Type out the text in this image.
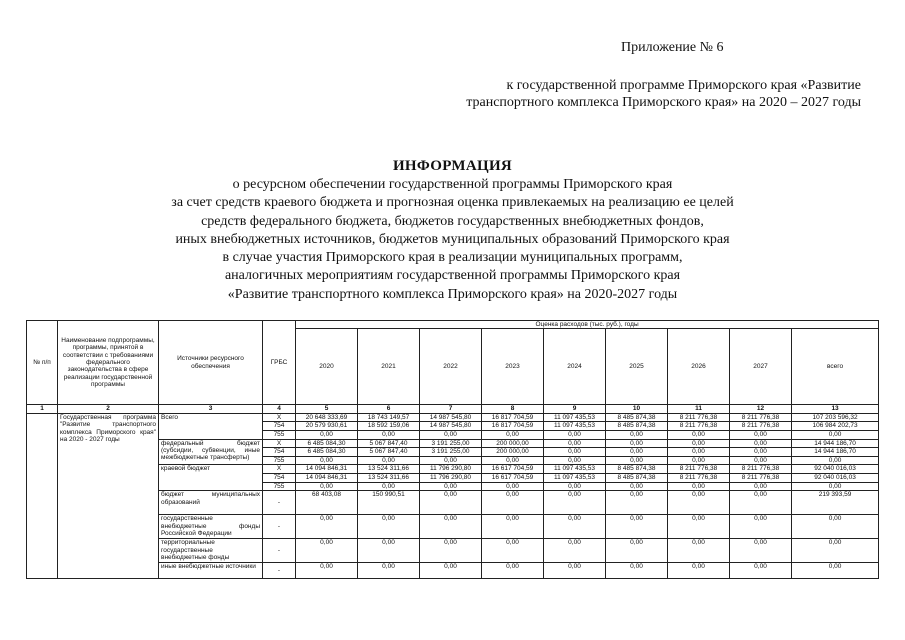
Приложение № 6
к государственной программе Приморского края «Развитие
транспортного комплекса Приморского края» на 2020 – 2027 годы
ИНФОРМАЦИЯ
о ресурсном обеспечении государственной программы Приморского края
за счет средств краевого бюджета и прогнозная оценка привлекаемых на реализацию ее целей
средств федерального бюджета, бюджетов государственных внебюджетных фондов,
иных внебюджетных источников, бюджетов муниципальных образований Приморского края
в случае участия Приморского края в реализации муниципальных программ,
аналогичных мероприятиям государственной программы Приморского края
«Развитие транспортного комплекса Приморского края» на 2020-2027 годы
№ п/п	Наименование подпрограммы, программы, принятой в соответствии с требованиями федерального законодательства в сфере реализации государственной программы	Источники ресурсного обеспечения	ГРБС	Оценка расходов (тыс. руб.), годы								
				2020	2021	2022	2023	2024	2025	2026	2027	всего
1	2	3	4	5	6	7	8	9	10	11	12	13
	Государственная программа "Развитие транспортного комплекса Приморского края" на 2020 - 2027 годы	Всего	Х	20 648 333,69	18 743 149,57	14 987 545,80	16 817 704,59	11 097 435,53	8 485 874,38	8 211 776,38	8 211 776,38	107 203 596,32
			754	20 579 930,61	18 592 159,06	14 987 545,80	16 817 704,59	11 097 435,53	8 485 874,38	8 211 776,38	8 211 776,38	106 984 202,73
			755	0,00	0,00	0,00	0,00	0,00	0,00	0,00	0,00	0,00
		федеральный бюджет (субсидии, субвенции, иные межбюджетные трансферты)	Х	6 485 084,30	5 067 847,40	3 191 255,00	200 000,00	0,00	0,00	0,00	0,00	14 944 186,70
			754	6 485 084,30	5 067 847,40	3 191 255,00	200 000,00	0,00	0,00	0,00	0,00	14 944 186,70
			755	0,00	0,00	0,00	0,00	0,00	0,00	0,00	0,00	0,00
		краевой бюджет	Х	14 094 846,31	13 524 311,66	11 796 290,80	16 617 704,59	11 097 435,53	8 485 874,38	8 211 776,38	8 211 776,38	92 040 016,03
			754	14 094 846,31	13 524 311,66	11 796 290,80	16 617 704,59	11 097 435,53	8 485 874,38	8 211 776,38	8 211 776,38	92 040 016,03
			755	0,00	0,00	0,00	0,00	0,00	0,00	0,00	0,00	0,00
		бюджет муниципальных образований	-	68 403,08	150 990,51	0,00	0,00	0,00	0,00	0,00	0,00	219 393,59
		государственные внебюджетные фонды Российской Федерации	-	0,00	0,00	0,00	0,00	0,00	0,00	0,00	0,00	0,00
		территориальные государственные внебюджетные фонды	-	0,00	0,00	0,00	0,00	0,00	0,00	0,00	0,00	0,00
		иные внебюджетные источники	-	0,00	0,00	0,00	0,00	0,00	0,00	0,00	0,00	0,00
